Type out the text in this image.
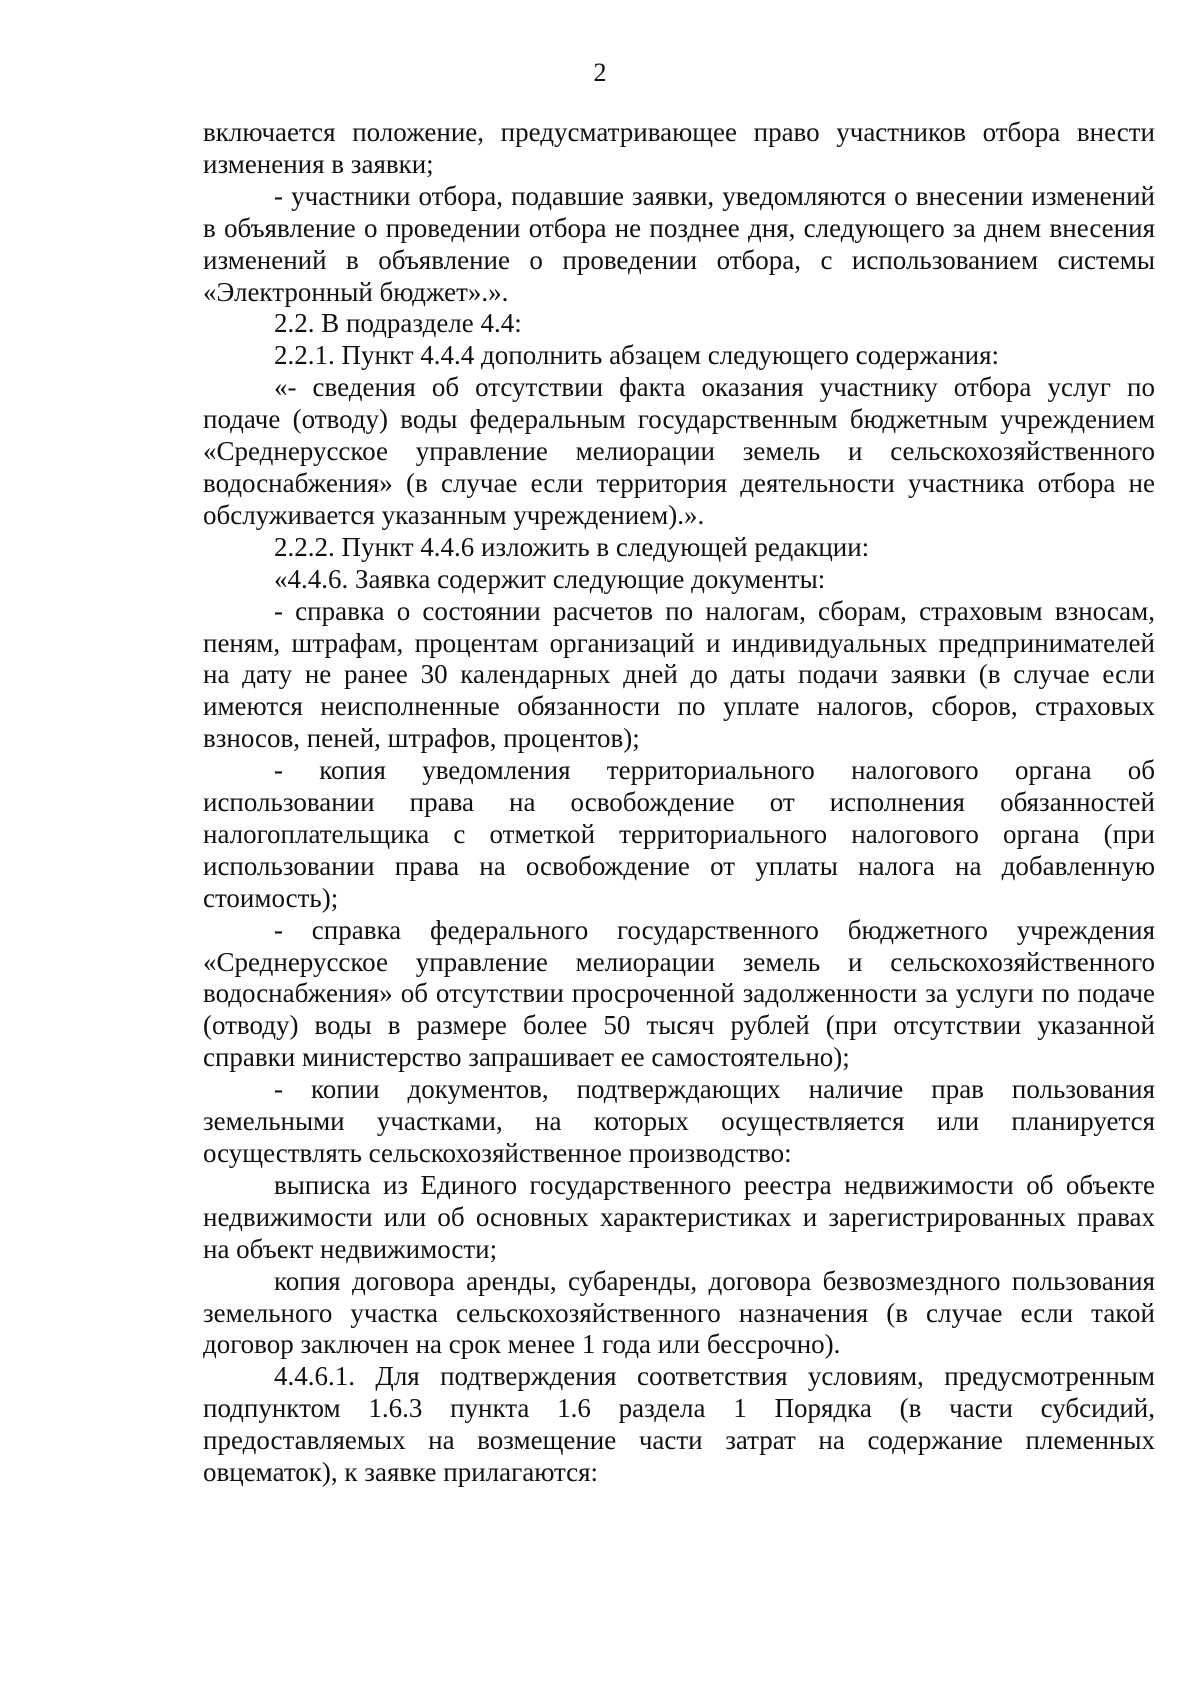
2

включается положение, предусматривающее право участников отбора внести изменения в заявки;

- участники отбора, подавшие заявки, уведомляются о внесении изменений в объявление о проведении отбора не позднее дня, следующего за днем внесения изменений в объявление о проведении отбора, с использованием системы «Электронный бюджет».».

2.2. В подразделе 4.4:

2.2.1. Пункт 4.4.4 дополнить абзацем следующего содержания:

«- сведения об отсутствии факта оказания участнику отбора услуг по подаче (отводу) воды федеральным государственным бюджетным учреждением «Среднерусское управление мелиорации земель и сельскохозяйственного водоснабжения» (в случае если территория деятельности участника отбора не обслуживается указанным учреждением).».

2.2.2. Пункт 4.4.6 изложить в следующей редакции:

«4.4.6. Заявка содержит следующие документы:

- справка о состоянии расчетов по налогам, сборам, страховым взносам, пеням, штрафам, процентам организаций и индивидуальных предпринимателей на дату не ранее 30 календарных дней до даты подачи заявки (в случае если имеются неисполненные обязанности по уплате налогов, сборов, страховых взносов, пеней, штрафов, процентов);

- копия уведомления территориального налогового органа об использовании права на освобождение от исполнения обязанностей налогоплательщика с отметкой территориального налогового органа (при использовании права на освобождение от уплаты налога на добавленную стоимость);

- справка федерального государственного бюджетного учреждения «Среднерусское управление мелиорации земель и сельскохозяйственного водоснабжения» об отсутствии просроченной задолженности за услуги по подаче (отводу) воды в размере более 50 тысяч рублей (при отсутствии указанной справки министерство запрашивает ее самостоятельно);

- копии документов, подтверждающих наличие прав пользования земельными участками, на которых осуществляется или планируется осуществлять сельскохозяйственное производство:

выписка из Единого государственного реестра недвижимости об объекте недвижимости или об основных характеристиках и зарегистрированных правах на объект недвижимости;

копия договора аренды, субаренды, договора безвозмездного пользования земельного участка сельскохозяйственного назначения (в случае если такой договор заключен на срок менее 1 года или бессрочно).

4.4.6.1. Для подтверждения соответствия условиям, предусмотренным подпунктом 1.6.3 пункта 1.6 раздела 1 Порядка (в части субсидий, предоставляемых на возмещение части затрат на содержание племенных овцематок), к заявке прилагаются:
